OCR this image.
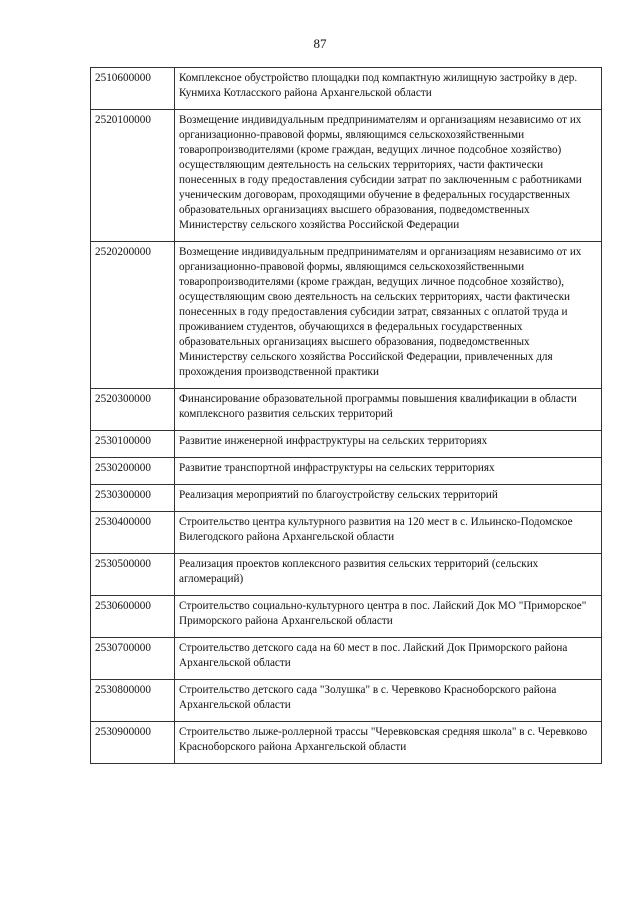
87
2510600000	Комплексное обустройство площадки под компактную жилищную застройку в дер. Кунмиха Котласского района Архангельской области
2520100000	Возмещение индивидуальным предпринимателям и организациям независимо от их организационно-правовой формы, являющимся сельскохозяйственными товаропроизводителями (кроме граждан, ведущих личное подсобное хозяйство) осуществляющим деятельность на сельских территориях, части фактически понесенных в году предоставления субсидии затрат по заключенным с работниками ученическим договорам, проходящими обучение в федеральных государственных образовательных организациях высшего образования, подведомственных Министерству сельского хозяйства Российской Федерации
2520200000	Возмещение индивидуальным предпринимателям и организациям независимо от их организационно-правовой формы, являющимся сельскохозяйственными товаропроизводителями (кроме граждан, ведущих личное подсобное хозяйство), осуществляющим свою деятельность на сельских территориях, части фактически понесенных в году предоставления субсидии затрат, связанных с оплатой труда и проживанием студентов, обучающихся в федеральных государственных образовательных организациях высшего образования, подведомственных Министерству сельского хозяйства Российской Федерации, привлеченных для прохождения производственной практики
2520300000	Финансирование образовательной программы повышения квалификации в области комплексного развития сельских территорий
2530100000	Развитие инженерной инфраструктуры на сельских территориях
2530200000	Развитие транспортной инфраструктуры на сельских территориях
2530300000	Реализация мероприятий по благоустройству сельских территорий
2530400000	Строительство центра культурного развития на 120 мест в с. Ильинско-Подомское Вилегодского района Архангельской области
2530500000	Реализация проектов коплексного развития сельских территорий (сельских агломераций)
2530600000	Строительство социально-культурного центра в пос. Лайский Док МО "Приморское" Приморского района Архангельской области
2530700000	Строительство детского сада на 60 мест в пос. Лайский Док Приморского района Архангельской области
2530800000	Строительство детского сада "Золушка" в с. Черевково Красноборского района Архангельской области
2530900000	Строительство лыже-роллерной трассы "Черевковская средняя школа" в с. Черевково Красноборского района Архангельской области
